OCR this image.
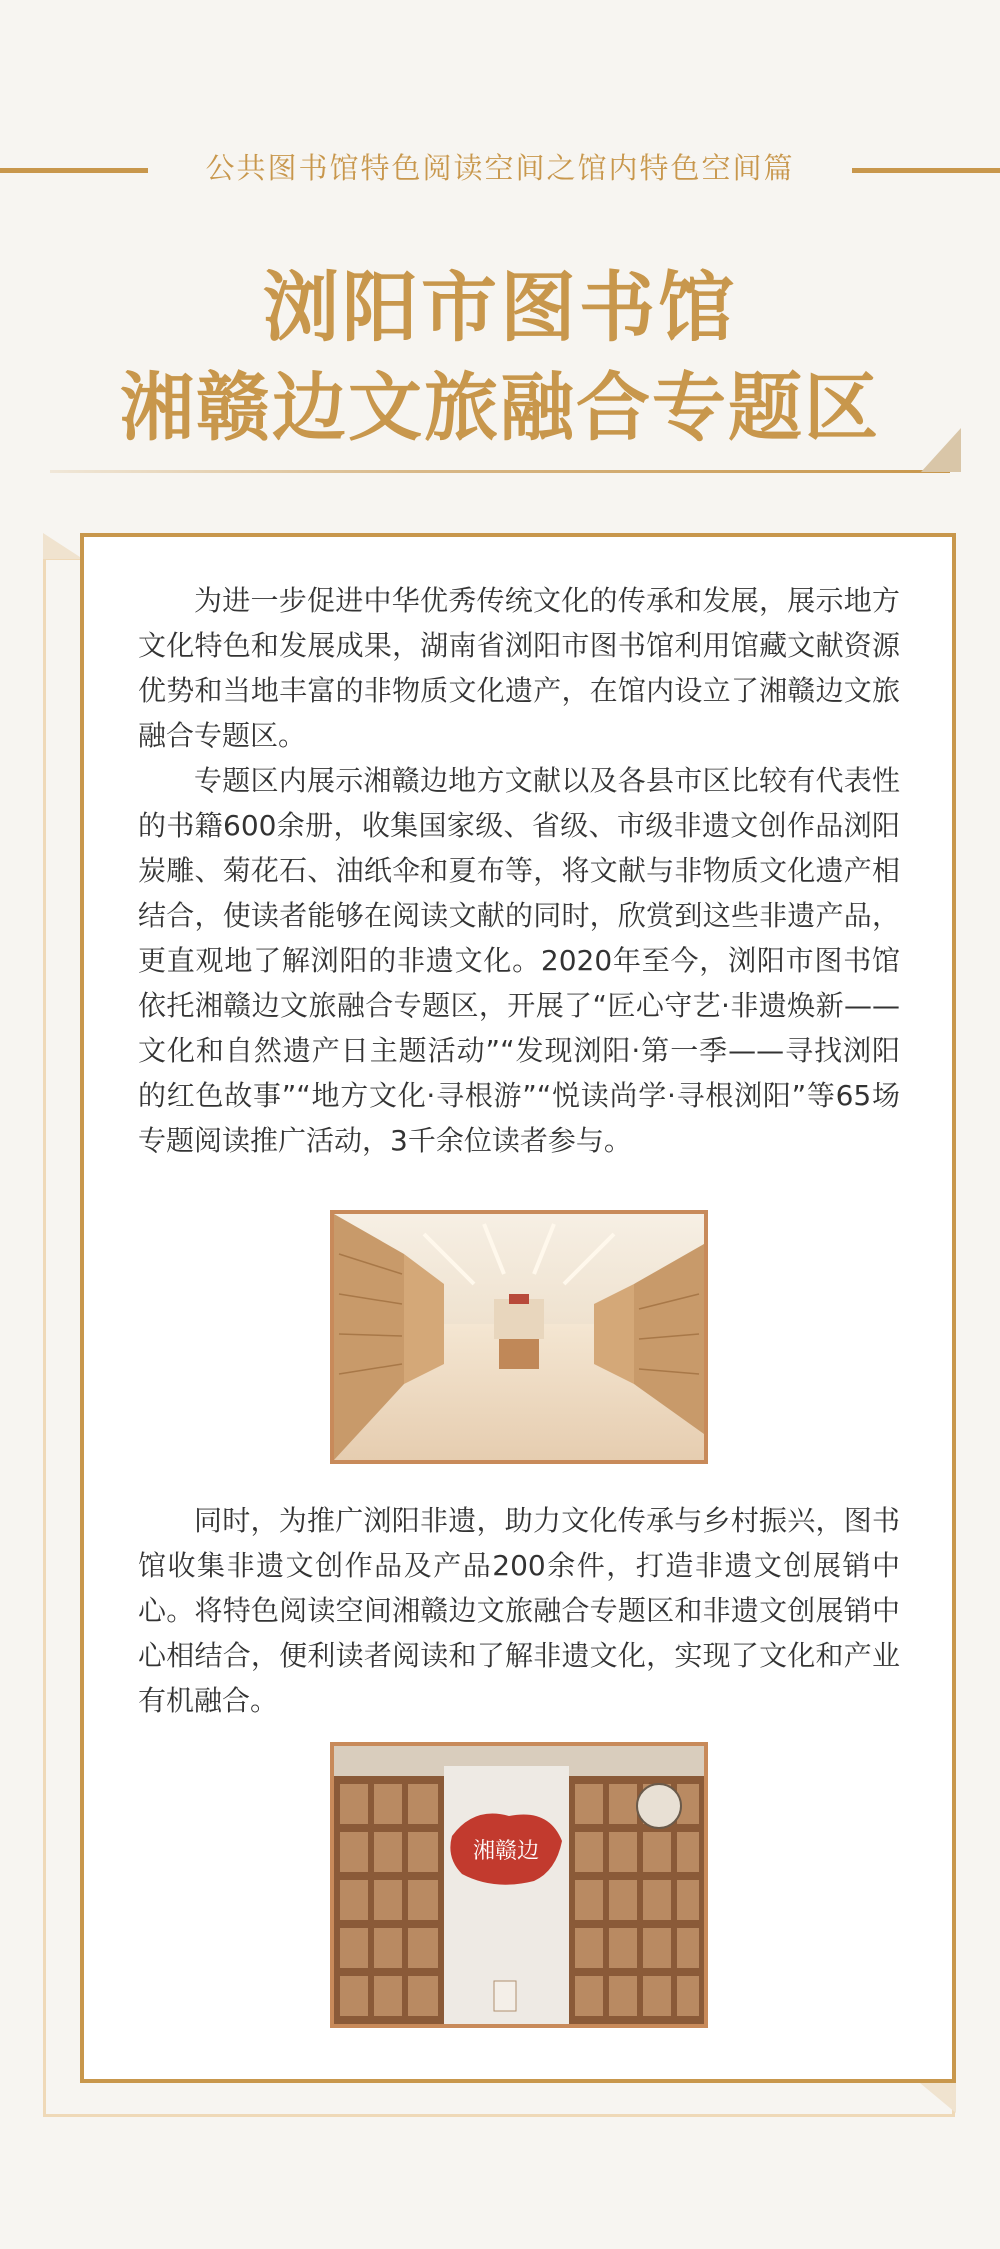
公共图书馆特色阅读空间之馆内特色空间篇
浏阳市图书馆
湘赣边文旅融合专题区

为进一步促进中华优秀传统文化的传承和发展，展示地方文化特色和发展成果，湖南省浏阳市图书馆利用馆藏文献资源优势和当地丰富的非物质文化遗产，在馆内设立了湘赣边文旅融合专题区。

专题区内展示湘赣边地方文献以及各县市区比较有代表性的书籍600余册，收集国家级、省级、市级非遗文创作品浏阳炭雕、菊花石、油纸伞和夏布等，将文献与非物质文化遗产相结合，使读者能够在阅读文献的同时，欣赏到这些非遗产品，更直观地了解浏阳的非遗文化。2020年至今，浏阳市图书馆依托湘赣边文旅融合专题区，开展了“匠心守艺·非遗焕新——文化和自然遗产日主题活动”“发现浏阳·第一季——寻找浏阳的红色故事”“地方文化·寻根游”“悦读尚学·寻根浏阳”等65场专题阅读推广活动，3千余位读者参与。

同时，为推广浏阳非遗，助力文化传承与乡村振兴，图书馆收集非遗文创作品及产品200余件，打造非遗文创展销中心。将特色阅读空间湘赣边文旅融合专题区和非遗文创展销中心相结合，便利读者阅读和了解非遗文化，实现了文化和产业有机融合。

湘赣边
